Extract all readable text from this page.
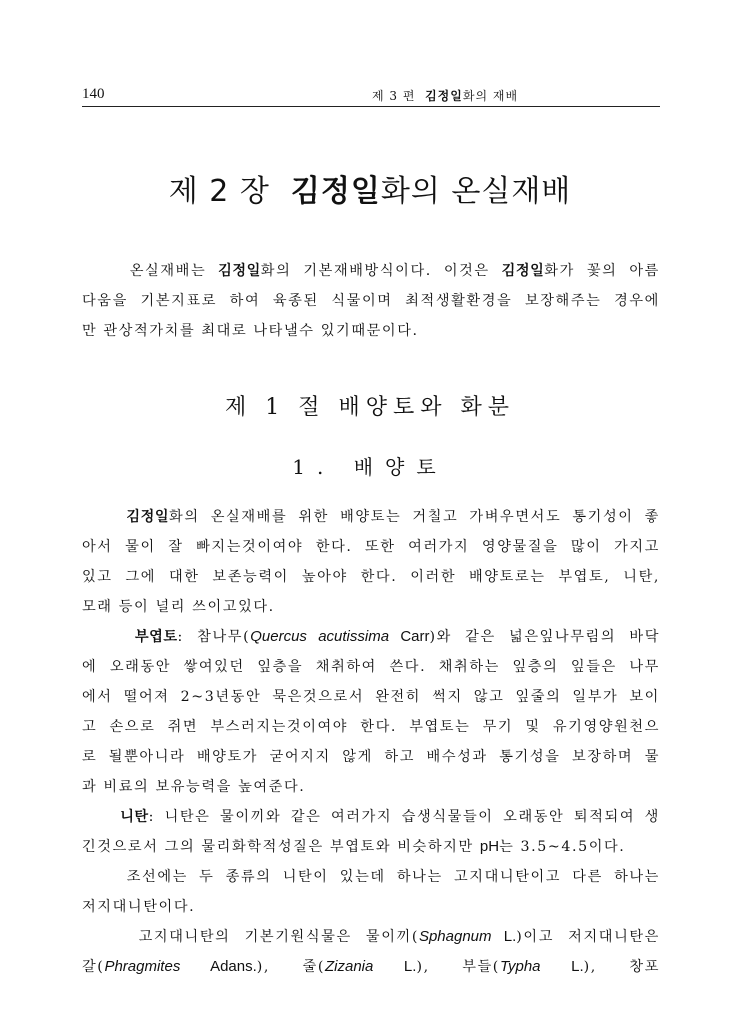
140	제 3 편 김정일화의 재배
제 2 장 김정일화의 온실재배
온실재배는 김정일화의 기본재배방식이다. 이것은 김정일화가 꽃의 아름
다움을 기본지표로 하여 육종된 식물이며 최적생활환경을 보장해주는 경우에
만 관상적가치를 최대로 나타낼수 있기때문이다.
제 1 절 배양토와 화분
1. 배양토
김정일화의 온실재배를 위한 배양토는 거칠고 가벼우면서도 통기성이 좋
아서 물이 잘 빠지는것이여야 한다. 또한 여러가지 영양물질을 많이 가지고
있고 그에 대한 보존능력이 높아야 한다. 이러한 배양토로는 부엽토, 니탄,
모래 등이 널리 쓰이고있다.
부엽토: 참나무(Quercus acutissima Carr)와 같은 넓은잎나무림의 바닥
에 오래동안 쌓여있던 잎층을 채취하여 쓴다. 채취하는 잎층의 잎들은 나무
에서 떨어져 2~3년동안 묵은것으로서 완전히 썩지 않고 잎줄의 일부가 보이
고 손으로 쥐면 부스러지는것이여야 한다. 부엽토는 무기 및 유기영양원천으
로 될뿐아니라 배양토가 굳어지지 않게 하고 배수성과 통기성을 보장하며 물
과 비료의 보유능력을 높여준다.
니탄: 니탄은 물이끼와 같은 여러가지 습생식물들이 오래동안 퇴적되여 생
긴것으로서 그의 물리화학적성질은 부엽토와 비슷하지만 pH는 3.5~4.5이다.
조선에는 두 종류의 니탄이 있는데 하나는 고지대니탄이고 다른 하나는
저지대니탄이다.
고지대니탄의 기본기원식물은 물이끼(Sphagnum L.)이고 저지대니탄은
갈(Phragmites Adans.), 줄(Zizania L.), 부들(Typha L.), 창포
